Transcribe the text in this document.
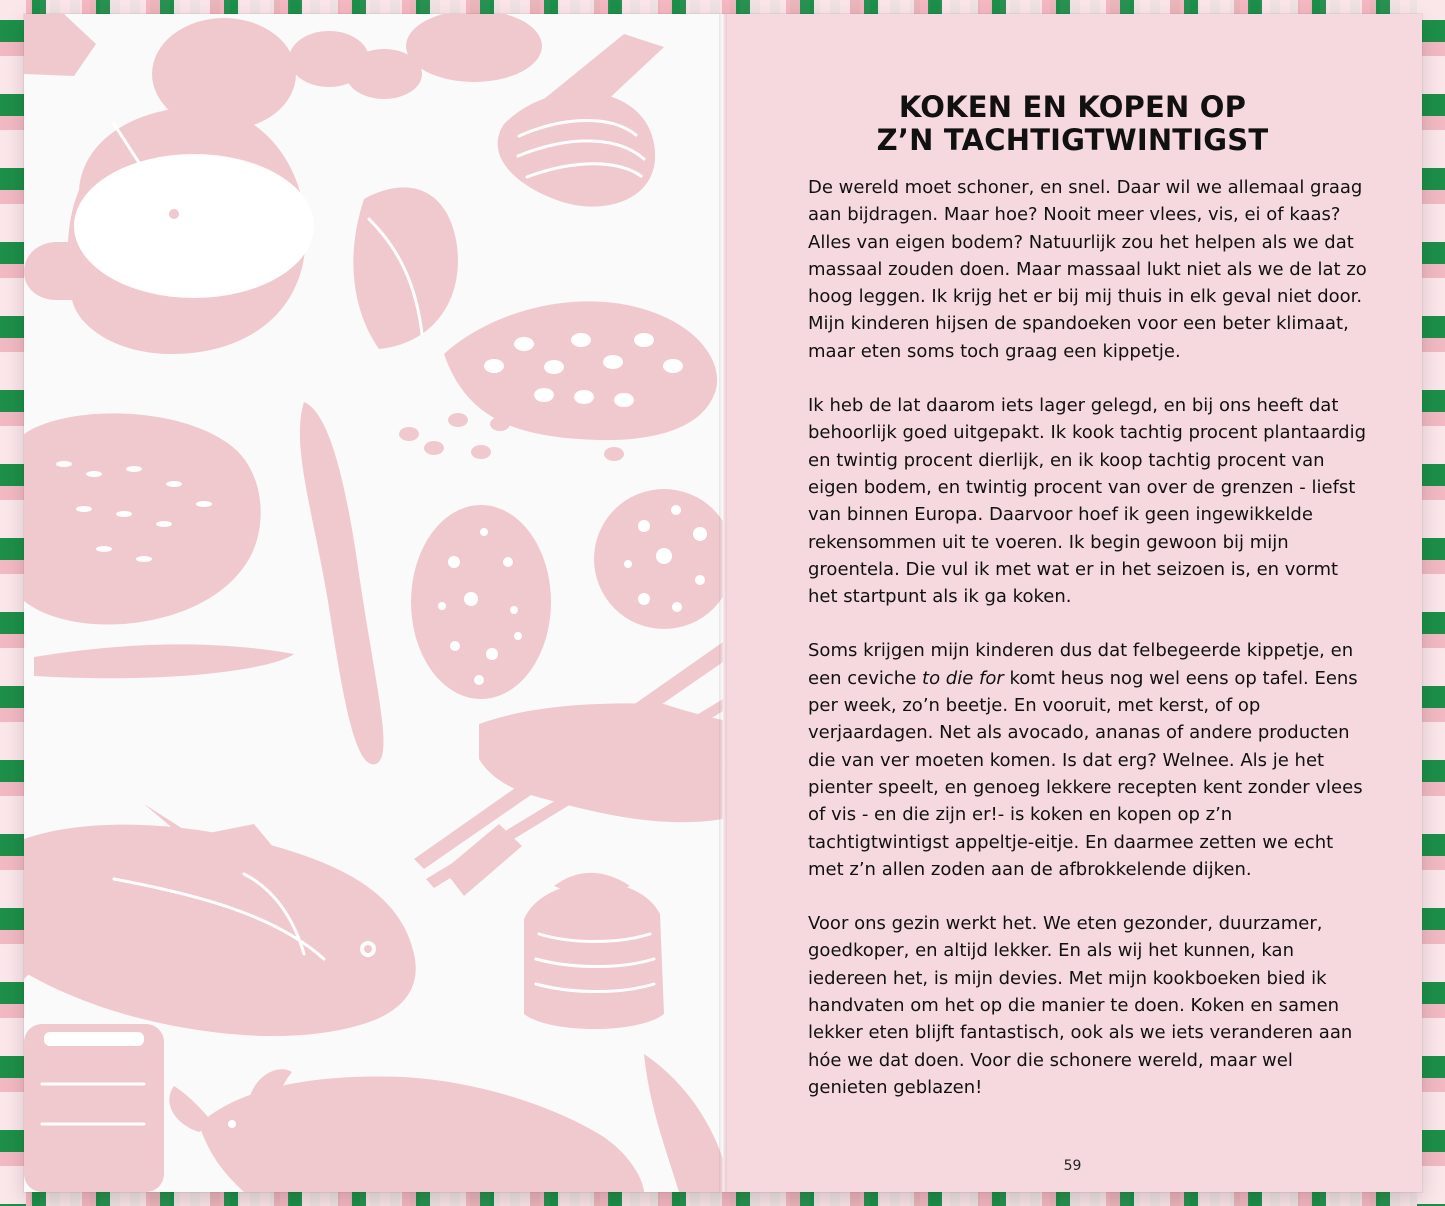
KOKEN EN KOPEN OP
Z’N TACHTIGTWINTIGST

De wereld moet schoner, en snel. Daar wil we allemaal graag aan bijdragen. Maar hoe? Nooit meer vlees, vis, ei of kaas? Alles van eigen bodem? Natuurlijk zou het helpen als we dat massaal zouden doen. Maar massaal lukt niet als we de lat zo hoog leggen. Ik krijg het er bij mij thuis in elk geval niet door. Mijn kinderen hijsen de spandoeken voor een beter klimaat, maar eten soms toch graag een kippetje.

Ik heb de lat daarom iets lager gelegd, en bij ons heeft dat behoorlijk goed uitgepakt. Ik kook tachtig procent plantaardig en twintig procent dierlijk, en ik koop tachtig procent van eigen bodem, en twintig procent van over de grenzen - liefst van binnen Europa. Daarvoor hoef ik geen ingewikkelde rekensommen uit te voeren. Ik begin gewoon bij mijn groentela. Die vul ik met wat er in het seizoen is, en vormt het startpunt als ik ga koken.

Soms krijgen mijn kinderen dus dat felbegeerde kippetje, en een ceviche to die for komt heus nog wel eens op tafel. Eens per week, zo’n beetje. En vooruit, met kerst, of op verjaardagen. Net als avocado, ananas of andere producten die van ver moeten komen. Is dat erg? Welnee. Als je het pienter speelt, en genoeg lekkere recepten kent zonder vlees of vis - en die zijn er!- is koken en kopen op z’n tachtigtwintigst appeltje-eitje. En daarmee zetten we echt met z’n allen zoden aan de afbrokkelende dijken.

Voor ons gezin werkt het. We eten gezonder, duurzamer, goedkoper, en altijd lekker. En als wij het kunnen, kan iedereen het, is mijn devies. Met mijn kookboeken bied ik handvaten om het op die manier te doen. Koken en samen lekker eten blijft fantastisch, ook als we iets veranderen aan hóe we dat doen. Voor die schonere wereld, maar wel genieten geblazen!

59
